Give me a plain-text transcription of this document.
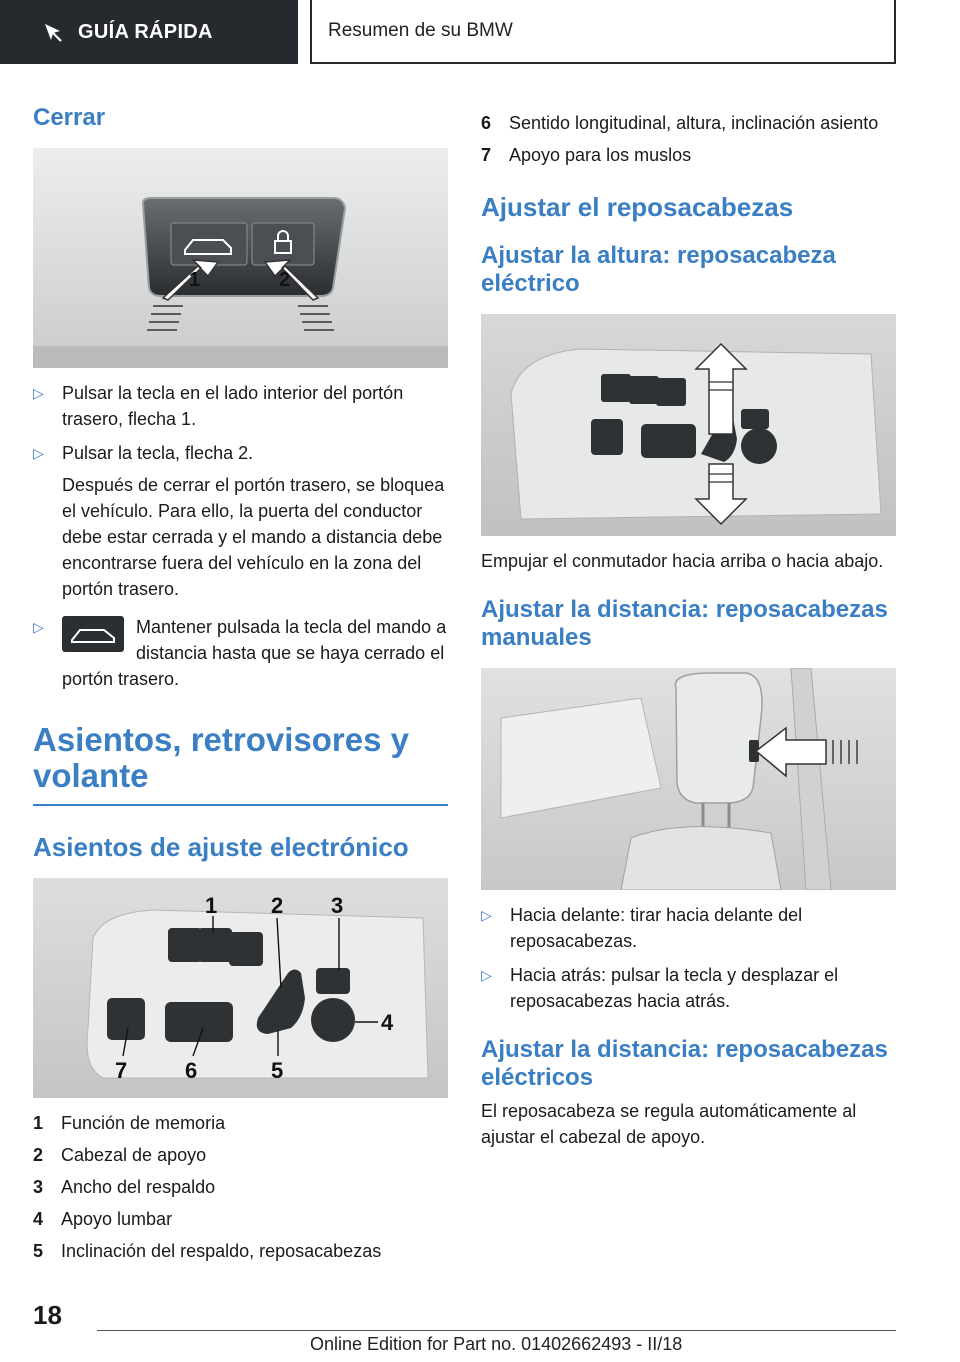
GUÍA RÁPIDA	Resumen de su BMW
Cerrar
1	2
▷ Pulsar la tecla en el lado interior del portón trasero, flecha 1.
▷ Pulsar la tecla, flecha 2.
Después de cerrar el portón trasero, se bloquea el vehículo. Para ello, la puerta del conductor debe estar cerrada y el mando a distancia debe encontrarse fuera del vehículo en la zona del portón trasero.
▷	Mantener pulsada la tecla del mando a distancia hasta que se haya cerrado el portón trasero.
Asientos, retrovisores y volante
Asientos de ajuste electrónico
1 2 3
4
5
6
7
1 Función de memoria
2 Cabezal de apoyo
3 Ancho del respaldo
4 Apoyo lumbar
5 Inclinación del respaldo, reposacabezas
6 Sentido longitudinal, altura, inclinación asiento
7 Apoyo para los muslos
Ajustar el reposacabezas
Ajustar la altura: reposacabeza eléctrico
Empujar el conmutador hacia arriba o hacia abajo.
Ajustar la distancia: reposacabezas manuales
▷ Hacia delante: tirar hacia delante del reposacabezas.
▷ Hacia atrás: pulsar la tecla y desplazar el reposacabezas hacia atrás.
Ajustar la distancia: reposacabezas eléctricos
El reposacabeza se regula automáticamente al ajustar el cabezal de apoyo.
18
Online Edition for Part no. 01402662493 - II/18
